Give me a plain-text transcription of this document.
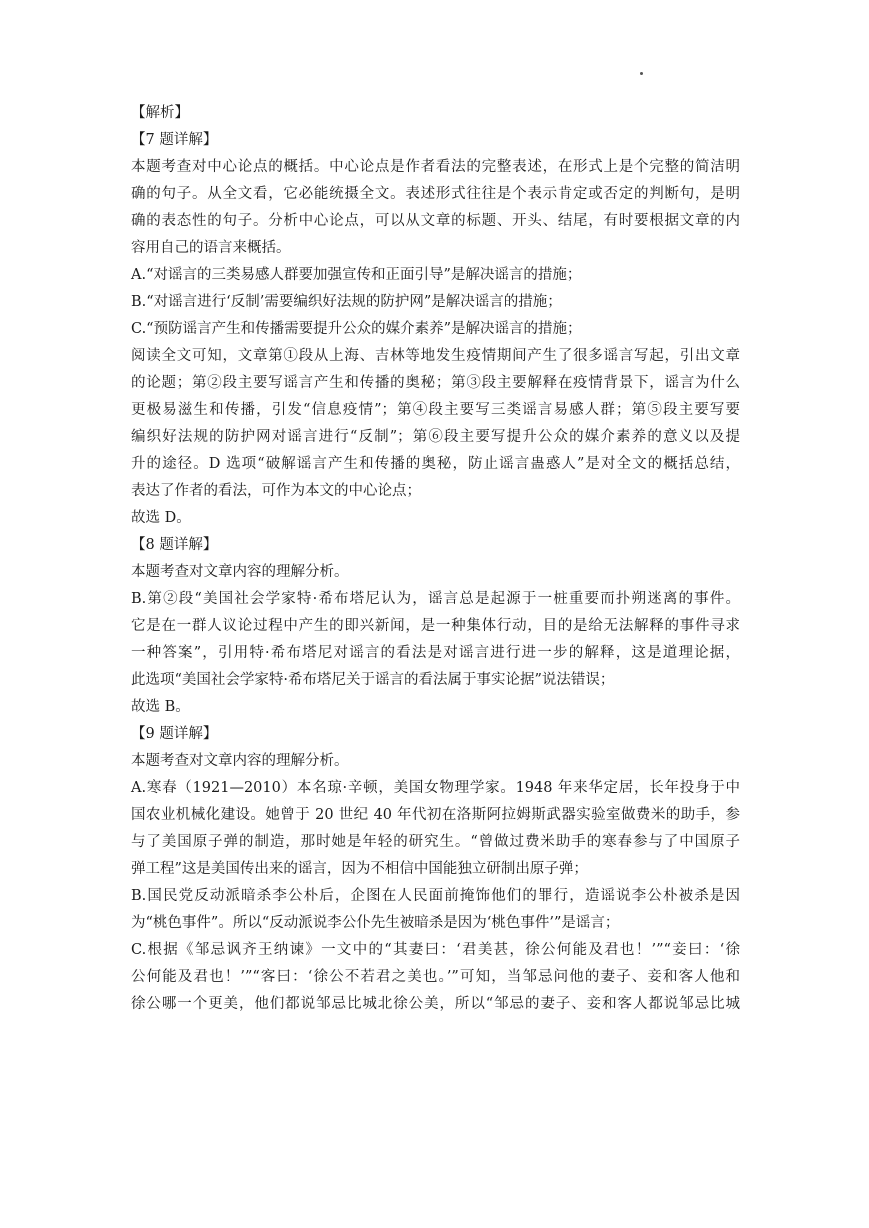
【解析】
【7 题详解】
本题考查对中心论点的概括。中心论点是作者看法的完整表述，在形式上是个完整的简洁明
确的句子。从全文看，它必能统摄全文。表述形式往往是个表示肯定或否定的判断句，是明
确的表态性的句子。分析中心论点，可以从文章的标题、开头、结尾，有时要根据文章的内
容用自己的语言来概括。
A.“对谣言的三类易感人群要加强宣传和正面引导”是解决谣言的措施；
B.“对谣言进行‘反制’需要编织好法规的防护网”是解决谣言的措施；
C.“预防谣言产生和传播需要提升公众的媒介素养”是解决谣言的措施；
阅读全文可知，文章第①段从上海、吉林等地发生疫情期间产生了很多谣言写起，引出文章
的论题；第②段主要写谣言产生和传播的奥秘；第③段主要解释在疫情背景下，谣言为什么
更极易滋生和传播，引发“信息疫情”；第④段主要写三类谣言易感人群；第⑤段主要写要
编织好法规的防护网对谣言进行“反制”；第⑥段主要写提升公众的媒介素养的意义以及提
升的途径。D 选项“破解谣言产生和传播的奥秘，防止谣言蛊惑人”是对全文的概括总结，
表达了作者的看法，可作为本文的中心论点；
故选 D。
【8 题详解】
本题考查对文章内容的理解分析。
B.第②段“美国社会学家特·希布塔尼认为，谣言总是起源于一桩重要而扑朔迷离的事件。
它是在一群人议论过程中产生的即兴新闻，是一种集体行动，目的是给无法解释的事件寻求
一种答案”，引用特·希布塔尼对谣言的看法是对谣言进行进一步的解释，这是道理论据，
此选项“美国社会学家特·希布塔尼关于谣言的看法属于事实论据”说法错误；
故选 B。
【9 题详解】
本题考查对文章内容的理解分析。
A.寒春（1921—2010）本名琼·辛顿，美国女物理学家。1948 年来华定居，长年投身于中
国农业机械化建设。她曾于 20 世纪 40 年代初在洛斯阿拉姆斯武器实验室做费米的助手，参
与了美国原子弹的制造，那时她是年轻的研究生。“曾做过费米助手的寒春参与了中国原子
弹工程”这是美国传出来的谣言，因为不相信中国能独立研制出原子弹；
B.国民党反动派暗杀李公朴后，企图在人民面前掩饰他们的罪行，造谣说李公朴被杀是因
为“桃色事件”。所以“反动派说李公仆先生被暗杀是因为‘桃色事件’”是谣言；
C.根据《邹忌讽齐王纳谏》一文中的“其妻曰：‘君美甚，徐公何能及君也！’”“妾曰：‘徐
公何能及君也！’”“客曰：‘徐公不若君之美也。’”可知，当邹忌问他的妻子、妾和客人他和
徐公哪一个更美，他们都说邹忌比城北徐公美，所以“邹忌的妻子、妾和客人都说邹忌比城
